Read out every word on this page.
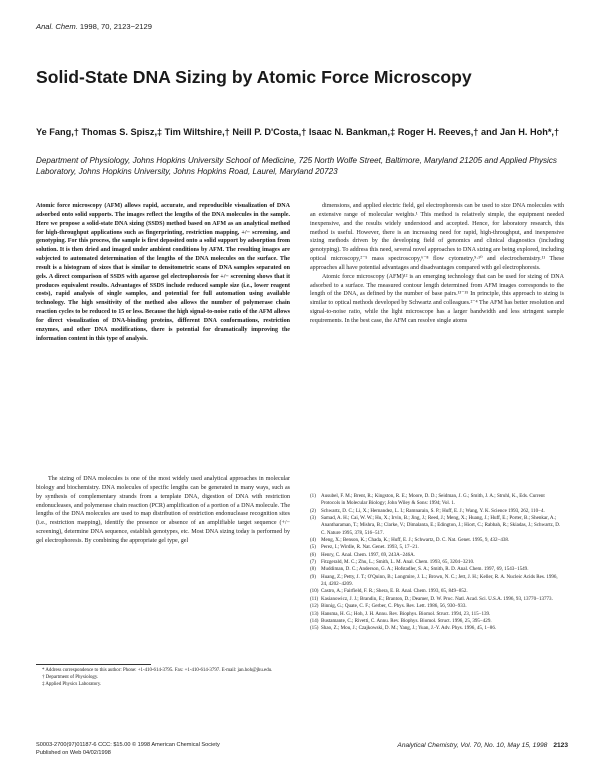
Anal. Chem. 1998, 70, 2123−2129
Solid-State DNA Sizing by Atomic Force Microscopy
Ye Fang,† Thomas S. Spisz,‡ Tim Wiltshire,† Neill P. D'Costa,† Isaac N. Bankman,‡ Roger H. Reeves,† and Jan H. Hoh*,†
Department of Physiology, Johns Hopkins University School of Medicine, 725 North Wolfe Street, Baltimore, Maryland 21205 and Applied Physics Laboratory, Johns Hopkins University, Johns Hopkins Road, Laurel, Maryland 20723
Atomic force microscopy (AFM) allows rapid, accurate, and reproducible visualization of DNA adsorbed onto solid supports. The images reflect the lengths of the DNA molecules in the sample. Here we propose a solid-state DNA sizing (SSDS) method based on AFM as an analytical method for high-throughput applications such as fingerprinting, restriction mapping, +/− screening, and genotyping. For this process, the sample is first deposited onto a solid support by adsorption from solution. It is then dried and imaged under ambient conditions by AFM. The resulting images are subjected to automated determination of the lengths of the DNA molecules on the surface. The result is a histogram of sizes that is similar to densitometric scans of DNA samples separated on gels. A direct comparison of SSDS with agarose gel electrophoresis for +/− screening shows that it produces equivalent results. Advantages of SSDS include reduced sample size (i.e., lower reagent costs), rapid analysis of single samples, and potential for full automation using available technology. The high sensitivity of the method also allows the number of polymerase chain reaction cycles to be reduced to 15 or less. Because the high signal-to-noise ratio of the AFM allows for direct visualization of DNA-binding proteins, different DNA conformations, restriction enzymes, and other DNA modifications, there is potential for dramatically improving the information content in this type of analysis.

The sizing of DNA molecules is one of the most widely used analytical approaches in molecular biology and biochemistry. DNA molecules of specific lengths can be generated in many ways, such as by synthesis of complementary strands from a template DNA, digestion of DNA with restriction endonucleases, and polymerase chain reaction (PCR) amplification of a portion of a DNA molecule. The lengths of the DNA molecules are used to map distribution of restriction endonuclease recognition sites (i.e., restriction mapping), identify the presence or absence of an amplifiable target sequence (+/− screening), determine DNA sequence, establish genotypes, etc. Most DNA sizing today is performed by gel electrophoresis. By combining the appropriate gel type, gel

dimensions, and applied electric field, gel electrophoresis can be used to size DNA molecules with an extensive range of molecular weights.¹ This method is relatively simple, the equipment needed inexpensive, and the results widely understood and accepted. Hence, for laboratory research, this method is useful. However, there is an increasing need for rapid, high-throughput, and inexpensive sizing methods driven by the developing field of genomics and clinical diagnostics (including genotyping). To address this need, several novel approaches to DNA sizing are being explored, including optical microscopy,²⁻⁵ mass spectroscopy,⁶⁻⁸ flow cytometry,⁹·¹⁰ and electrochemistry.¹¹ These approaches all have potential advantages and disadvantages compared with gel electrophoresis.

Atomic force microscopy (AFM)¹² is an emerging technology that can be used for sizing of DNA adsorbed to a surface. The measured contour length determined from AFM images corresponds to the length of the DNA, as defined by the number of base pairs.¹³⁻¹⁵ In principle, this approach to sizing is similar to optical methods developed by Schwartz and colleagues.²⁻⁴ The AFM has better resolution and signal-to-noise ratio, while the light microscope has a larger bandwidth and less stringent sample requirements. In the best case, the AFM can resolve single atoms

(1)	Ausubel, F. M.; Brent, R.; Kingston, R. E.; Moore, D. D.; Seidman, J. G.; Smith, J. A.; Struhl, K., Eds. Current Protocols in Molecular Biology; John Wiley & Sons: 1994; Vol. 1.
(2)	Schwartz, D. C.; Li, X.; Hernandez, L. I.; Ramnarain, S. P.; Huff, E. J.; Wang, Y. K. Science 1993, 262, 110−4.
(3)	Samad, A. H.; Cai, W. W.; Hu, X.; Irvin, B.; Jing, J.; Reed, J.; Meng, X.; Huang, J.; Huff, E.; Porter, B.; Shenkar, A.; Anantharaman, T.; Mishra, B.; Clarke, V.; Dimalanta, E.; Edington, J.; Hiort, C.; Rabbah, R.; Skiadas, J.; Schwartz, D. C. Nature 1995, 378, 516−517.
(4)	Meng, X.; Benson, K.; Chada, K.; Huff, E. J.; Schwartz, D. C. Nat. Genet. 1995, 9, 432−438.
(5)	Perez, I.; Wirdle, R. Nat. Genet. 1993, 5, 17−21.
(6)	Henry, C. Anal. Chem. 1997, 69, 243A−246A.
(7)	Fitzgerald, M. C.; Zhu, L.; Smith, L. M. Anal. Chem. 1993, 65, 3204−3210.
(8)	Muddiman, D. C.; Anderson, G. A.; Hofstadler, S. A.; Smith, R. D. Anal. Chem. 1997, 69, 1543−1549.
(9)	Huang, Z.; Petty, J. T.; O'Quinn, B.; Longmire, J. L.; Brown, N. C.; Jett, J. H.; Keller, R. A. Nucleic Acids Res. 1996, 24, 4202−4209.
(10) Castro, A.; Fairfield, F. R.; Shera, E. B. Anal. Chem. 1993, 65, 849−852.
(11) Kasianowicz, J. J.; Brandin, E.; Branton, D.; Deamer, D. W. Proc. Natl. Acad. Sci. U.S.A. 1996, 93, 13770−13773.
(12) Binnig, G.; Quate, C. F.; Gerber, C. Phys. Rev. Lett. 1986, 56, 930−933.
(13) Hansma, H. G.; Hoh, J. H. Annu. Rev. Biophys. Biomol. Struct. 1994, 23, 115−139.
(14) Bustamante, C.; Rivetti, C. Annu. Rev. Biophys. Biomol. Struct. 1996, 25, 395−429.
(15) Shao, Z.; Mou, J.; Czajkowski, D. M.; Yang, J.; Yuan, J.-Y. Adv. Phys. 1996, 45, 1−86.
* Address correspondence to this author: Phone: +1-410-614-3795. Fax: +1-410-614-3797. E-mail: jan.hoh@jhu.edu.
† Department of Physiology.
‡ Applied Physics Laboratory.
S0003-2700(97)01187-6 CCC: $15.00 © 1998 American Chemical Society
Published on Web 04/02/1998
Analytical Chemistry, Vol. 70, No. 10, May 15, 1998 2123
